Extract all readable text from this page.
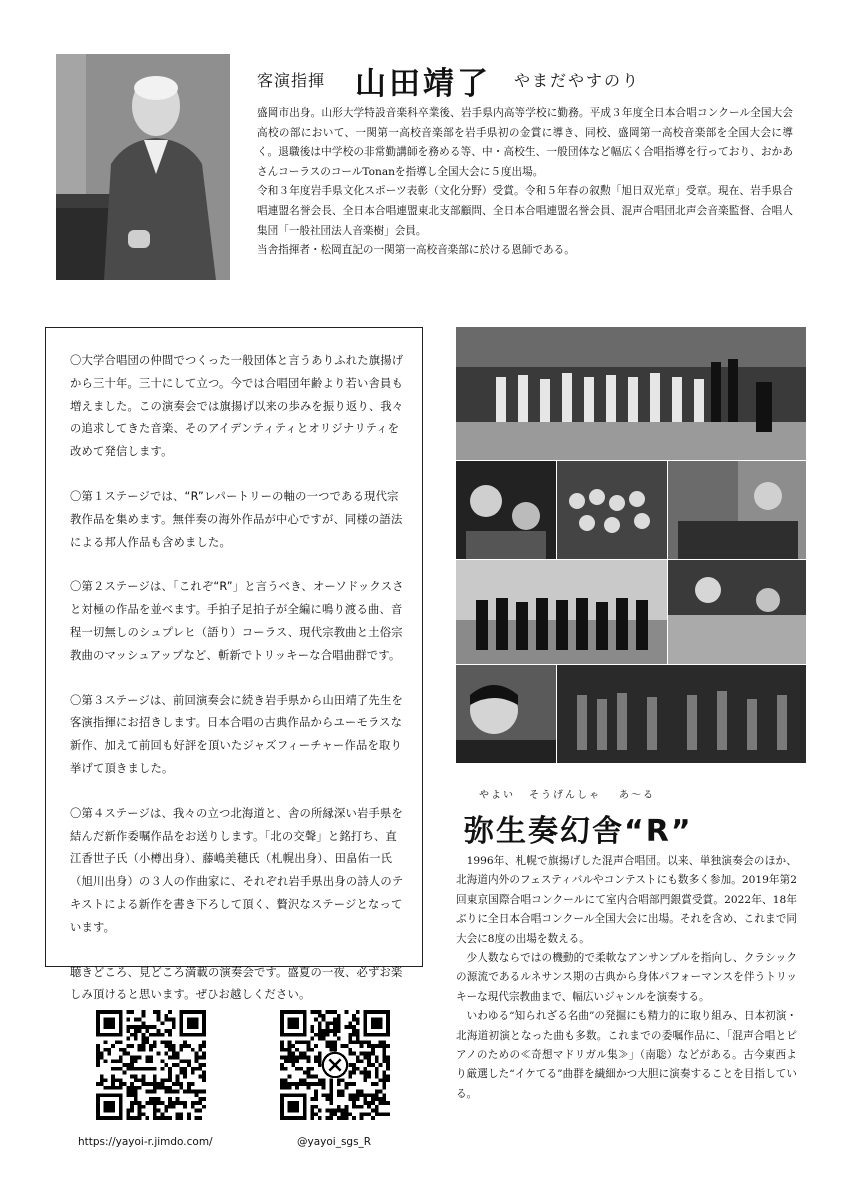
客演指揮 山田靖了 やまだやすのり

盛岡市出身。山形大学特設音楽科卒業後、岩手県内高等学校に勤務。平成３年度全日本合唱コンクール全国大会高校の部において、一関第一高校音楽部を岩手県初の金賞に導き、同校、盛岡第一高校音楽部を全国大会に導く。退職後は中学校の非常勤講師を務める等、中・高校生、一般団体など幅広く合唱指導を行っており、おかあさんコーラスのコールTonanを指導し全国大会に５度出場。

令和３年度岩手県文化スポーツ表彰（文化分野）受賞。令和５年春の叙勲「旭日双光章」受章。現在、岩手県合唱連盟名誉会長、全日本合唱連盟東北支部顧問、全日本合唱連盟名誉会員、混声合唱団北声会音楽監督、合唱人集団「一般社団法人音楽樹」会員。

当舎指揮者・松岡直記の一関第一高校音楽部に於ける恩師である。

〇大学合唱団の仲間でつくった一般団体と言うありふれた旗揚げから三十年。三十にして立つ。今では合唱団年齢より若い舎員も増えました。この演奏会では旗揚げ以来の歩みを振り返り、我々の追求してきた音楽、そのアイデンティティとオリジナリティを改めて発信します。

〇第１ステージでは、“R”レパートリーの軸の一つである現代宗教作品を集めます。無伴奏の海外作品が中心ですが、同様の語法による邦人作品も含めました。

〇第２ステージは、「これぞ“R”」と言うべき、オーソドックスさと対極の作品を並べます。手拍子足拍子が全編に鳴り渡る曲、音程一切無しのシュプレヒ（語り）コーラス、現代宗教曲と土俗宗教曲のマッシュアップなど、斬新でトリッキーな合唱曲群です。

〇第３ステージは、前回演奏会に続き岩手県から山田靖了先生を客演指揮にお招きします。日本合唱の古典作品からユーモラスな新作、加えて前回も好評を頂いたジャズフィーチャー作品を取り挙げて頂きました。

〇第４ステージは、我々の立つ北海道と、舎の所縁深い岩手県を結んだ新作委嘱作品をお送りします。「北の交聲」と銘打ち、直江香世子氏（小樽出身）、藤嶋美穂氏（札幌出身）、田畠佑一氏（旭川出身）の３人の作曲家に、それぞれ岩手県出身の詩人のテキストによる新作を書き下ろして頂く、贅沢なステージとなっています。

聴きどころ、見どころ満載の演奏会です。盛夏の一夜、必ずお楽しみ頂けると思います。ぜひお越しください。

やよい そうげんしゃ あ〜る
弥生奏幻舎“R”

1996年、札幌で旗揚げした混声合唱団。以来、単独演奏会のほか、北海道内外のフェスティバルやコンテストにも数多く参加。2019年第2回東京国際合唱コンクールにて室内合唱部門銀賞受賞。2022年、18年ぶりに全日本合唱コンクール全国大会に出場。それを含め、これまで同大会に8度の出場を数える。

少人数ならではの機動的で柔軟なアンサンブルを指向し、クラシックの源流であるルネサンス期の古典から身体パフォーマンスを伴うトリッキーな現代宗教曲まで、幅広いジャンルを演奏する。

いわゆる“知られざる名曲”の発掘にも精力的に取り組み、日本初演・北海道初演となった曲も多数。これまでの委嘱作品に、「混声合唱とピアノのための≪奇想マドリガル集≫」（南聡）などがある。古今東西より厳選した“イケてる”曲群を繊細かつ大胆に演奏することを目指している。

https://yayoi-r.jimdo.com/	@yayoi_sgs_R
